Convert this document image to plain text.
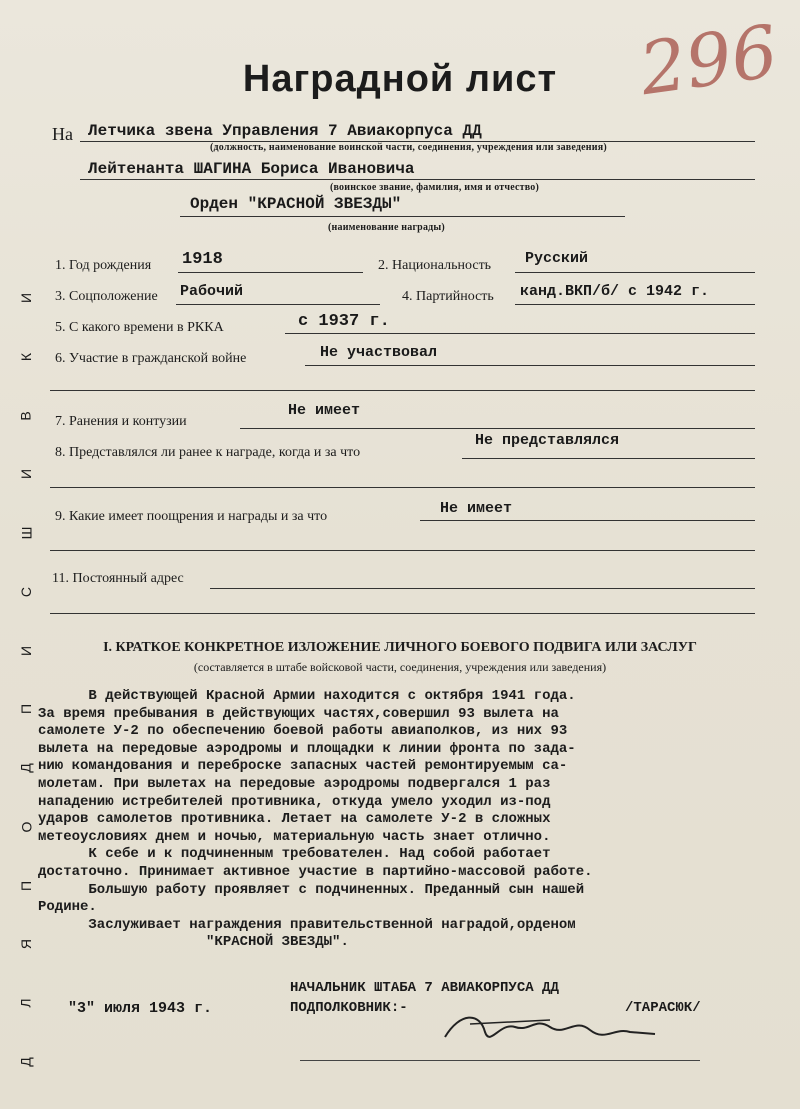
296
Наградной лист
На Летчика звена Управления 7 Авиакорпуса ДД
(должность, наименование воинской части, соединения, учреждения или заведения)
Лейтенанта ШАГИНА Бориса Ивановича
(воинское звание, фамилия, имя и отчество)
Орден "КРАСНОЙ ЗВЕЗДЫ"
(наименование награды)
1. Год рождения 1918	2. Национальность Русский
3. Соцположение Рабочий	4. Партийность канд.ВКП/б/ с 1942 г.
5. С какого времени в РККА	с 1937 г.
6. Участие в гражданской войне	Не участвовал
7. Ранения и контузии
Не имеет
8. Представлялся ли ранее к награде, когда и за что
Не представлялся
9. Какие имеет поощрения и награды и за что	Не имеет
11. Постоянный адрес
И
К
В
И
Ш
С
И
П
Д
О
П
Я
Л
Д
I. КРАТКОЕ КОНКРЕТНОЕ ИЗЛОЖЕНИЕ ЛИЧНОГО БОЕВОГО ПОДВИГА ИЛИ ЗАСЛУГ
(составляется в штабе войсковой части, соединения, учреждения или заведения)
В действующей Красной Армии находится с октября 1941 года.
За время пребывания в действующих частях,совершил 93 вылета на
самолете У-2 по обеспечению боевой работы авиаполков, из них 93
вылета на передовые аэродромы и площадки к линии фронта по зада-
нию командования и переброске запасных частей ремонтируемым са-
молетам. При вылетах на передовые аэродромы подвергался 1 раз
нападению истребителей противника, откуда умело уходил из-под
ударов самолетов противника. Летает на самолете У-2 в сложных
метеоусловиях днем и ночью, материальную часть знает отлично.
К себе и к подчиненным требователен. Над собой работает
достаточно. Принимает активное участие в партийно-массовой работе.
Большую работу проявляет с подчиненных. Преданный сын нашей
Родине.
Заслуживает награждения правительственной наградой,орденом
"КРАСНОЙ ЗВЕЗДЫ".
НАЧАЛЬНИК ШТАБА 7 АВИАКОРПУСА ДД
"3" июля 1943 г.	ПОДПОЛКОВНИК:-	/ТАРАСЮК/
